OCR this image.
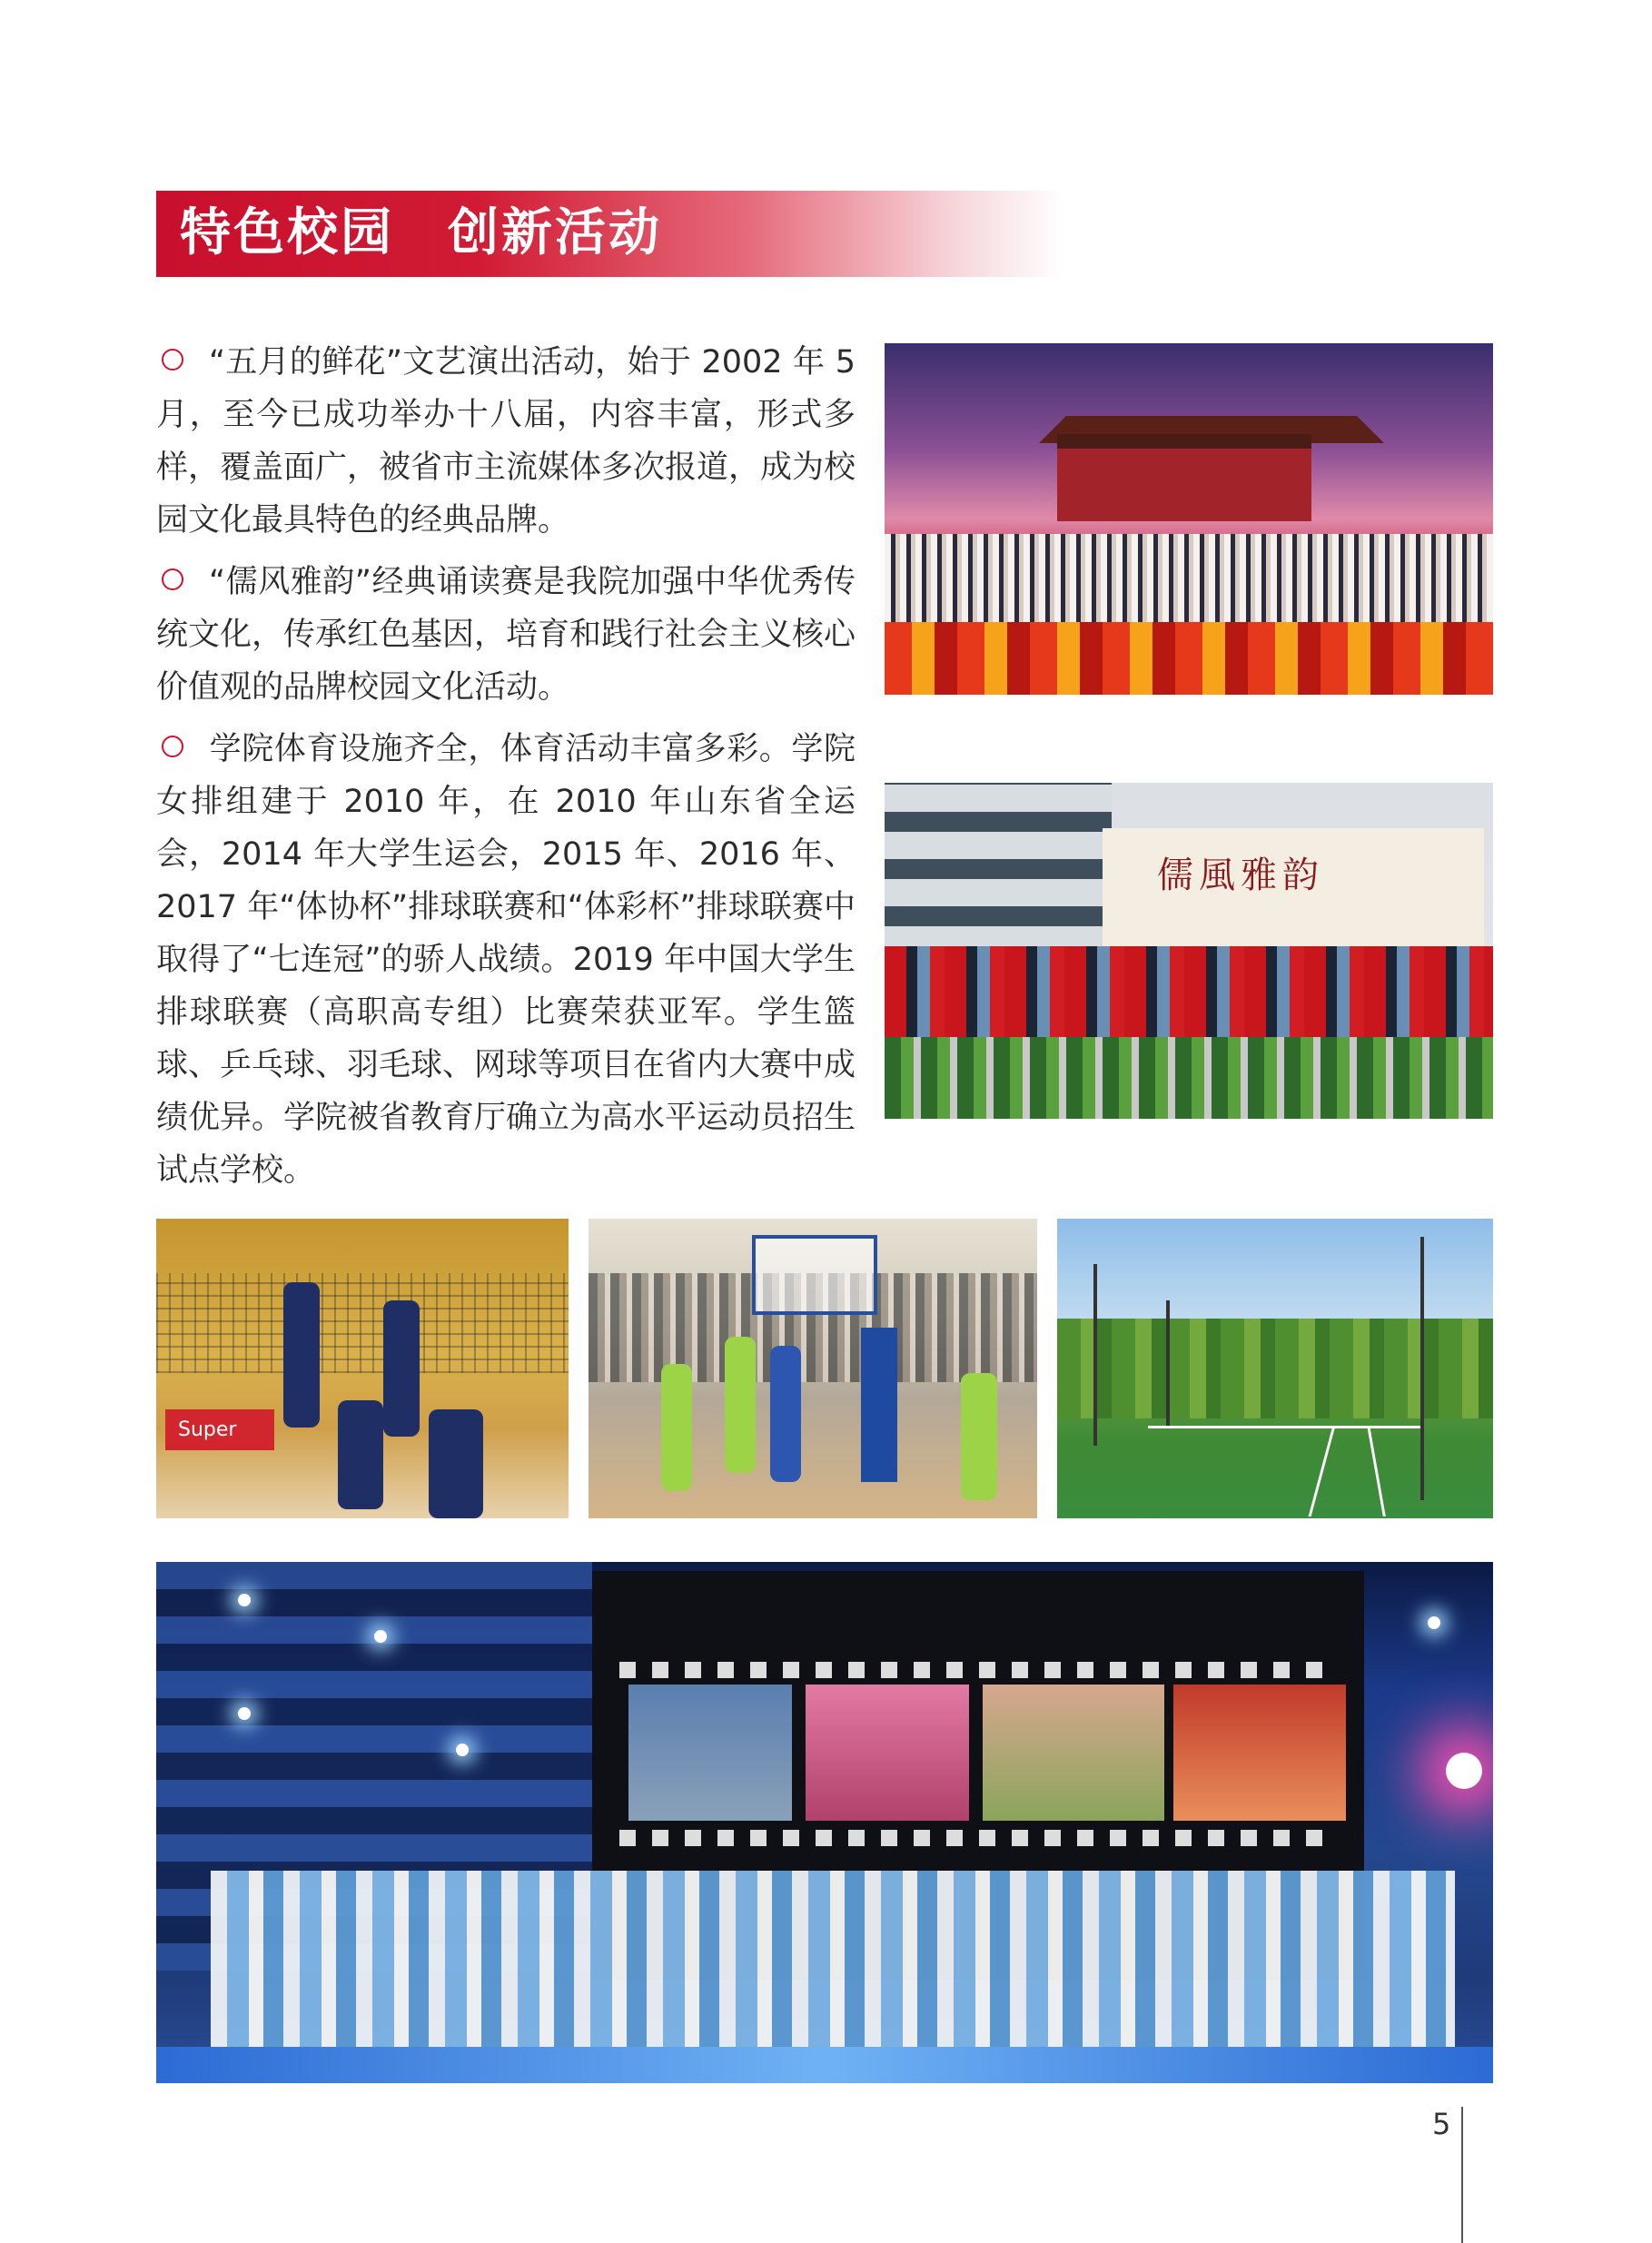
特色校园　创新活动

“五月的鲜花”文艺演出活动，始于 2002 年 5月，至今已成功举办十八届，内容丰富，形式多样，覆盖面广，被省市主流媒体多次报道，成为校园文化最具特色的经典品牌。

“儒风雅韵”经典诵读赛是我院加强中华优秀传统文化，传承红色基因，培育和践行社会主义核心价值观的品牌校园文化活动。

学院体育设施齐全，体育活动丰富多彩。学院女排组建于 2010 年，在 2010 年山东省全运会，2014 年大学生运会，2015 年、2016 年、2017 年“体协杯”排球联赛和“体彩杯”排球联赛中取得了“七连冠”的骄人战绩。2019 年中国大学生排球联赛（高职高专组）比赛荣获亚军。学生篮球、乒乓球、羽毛球、网球等项目在省内大赛中成绩优异。学院被省教育厅确立为高水平运动员招生试点学校。

儒風雅韵
Super
5
